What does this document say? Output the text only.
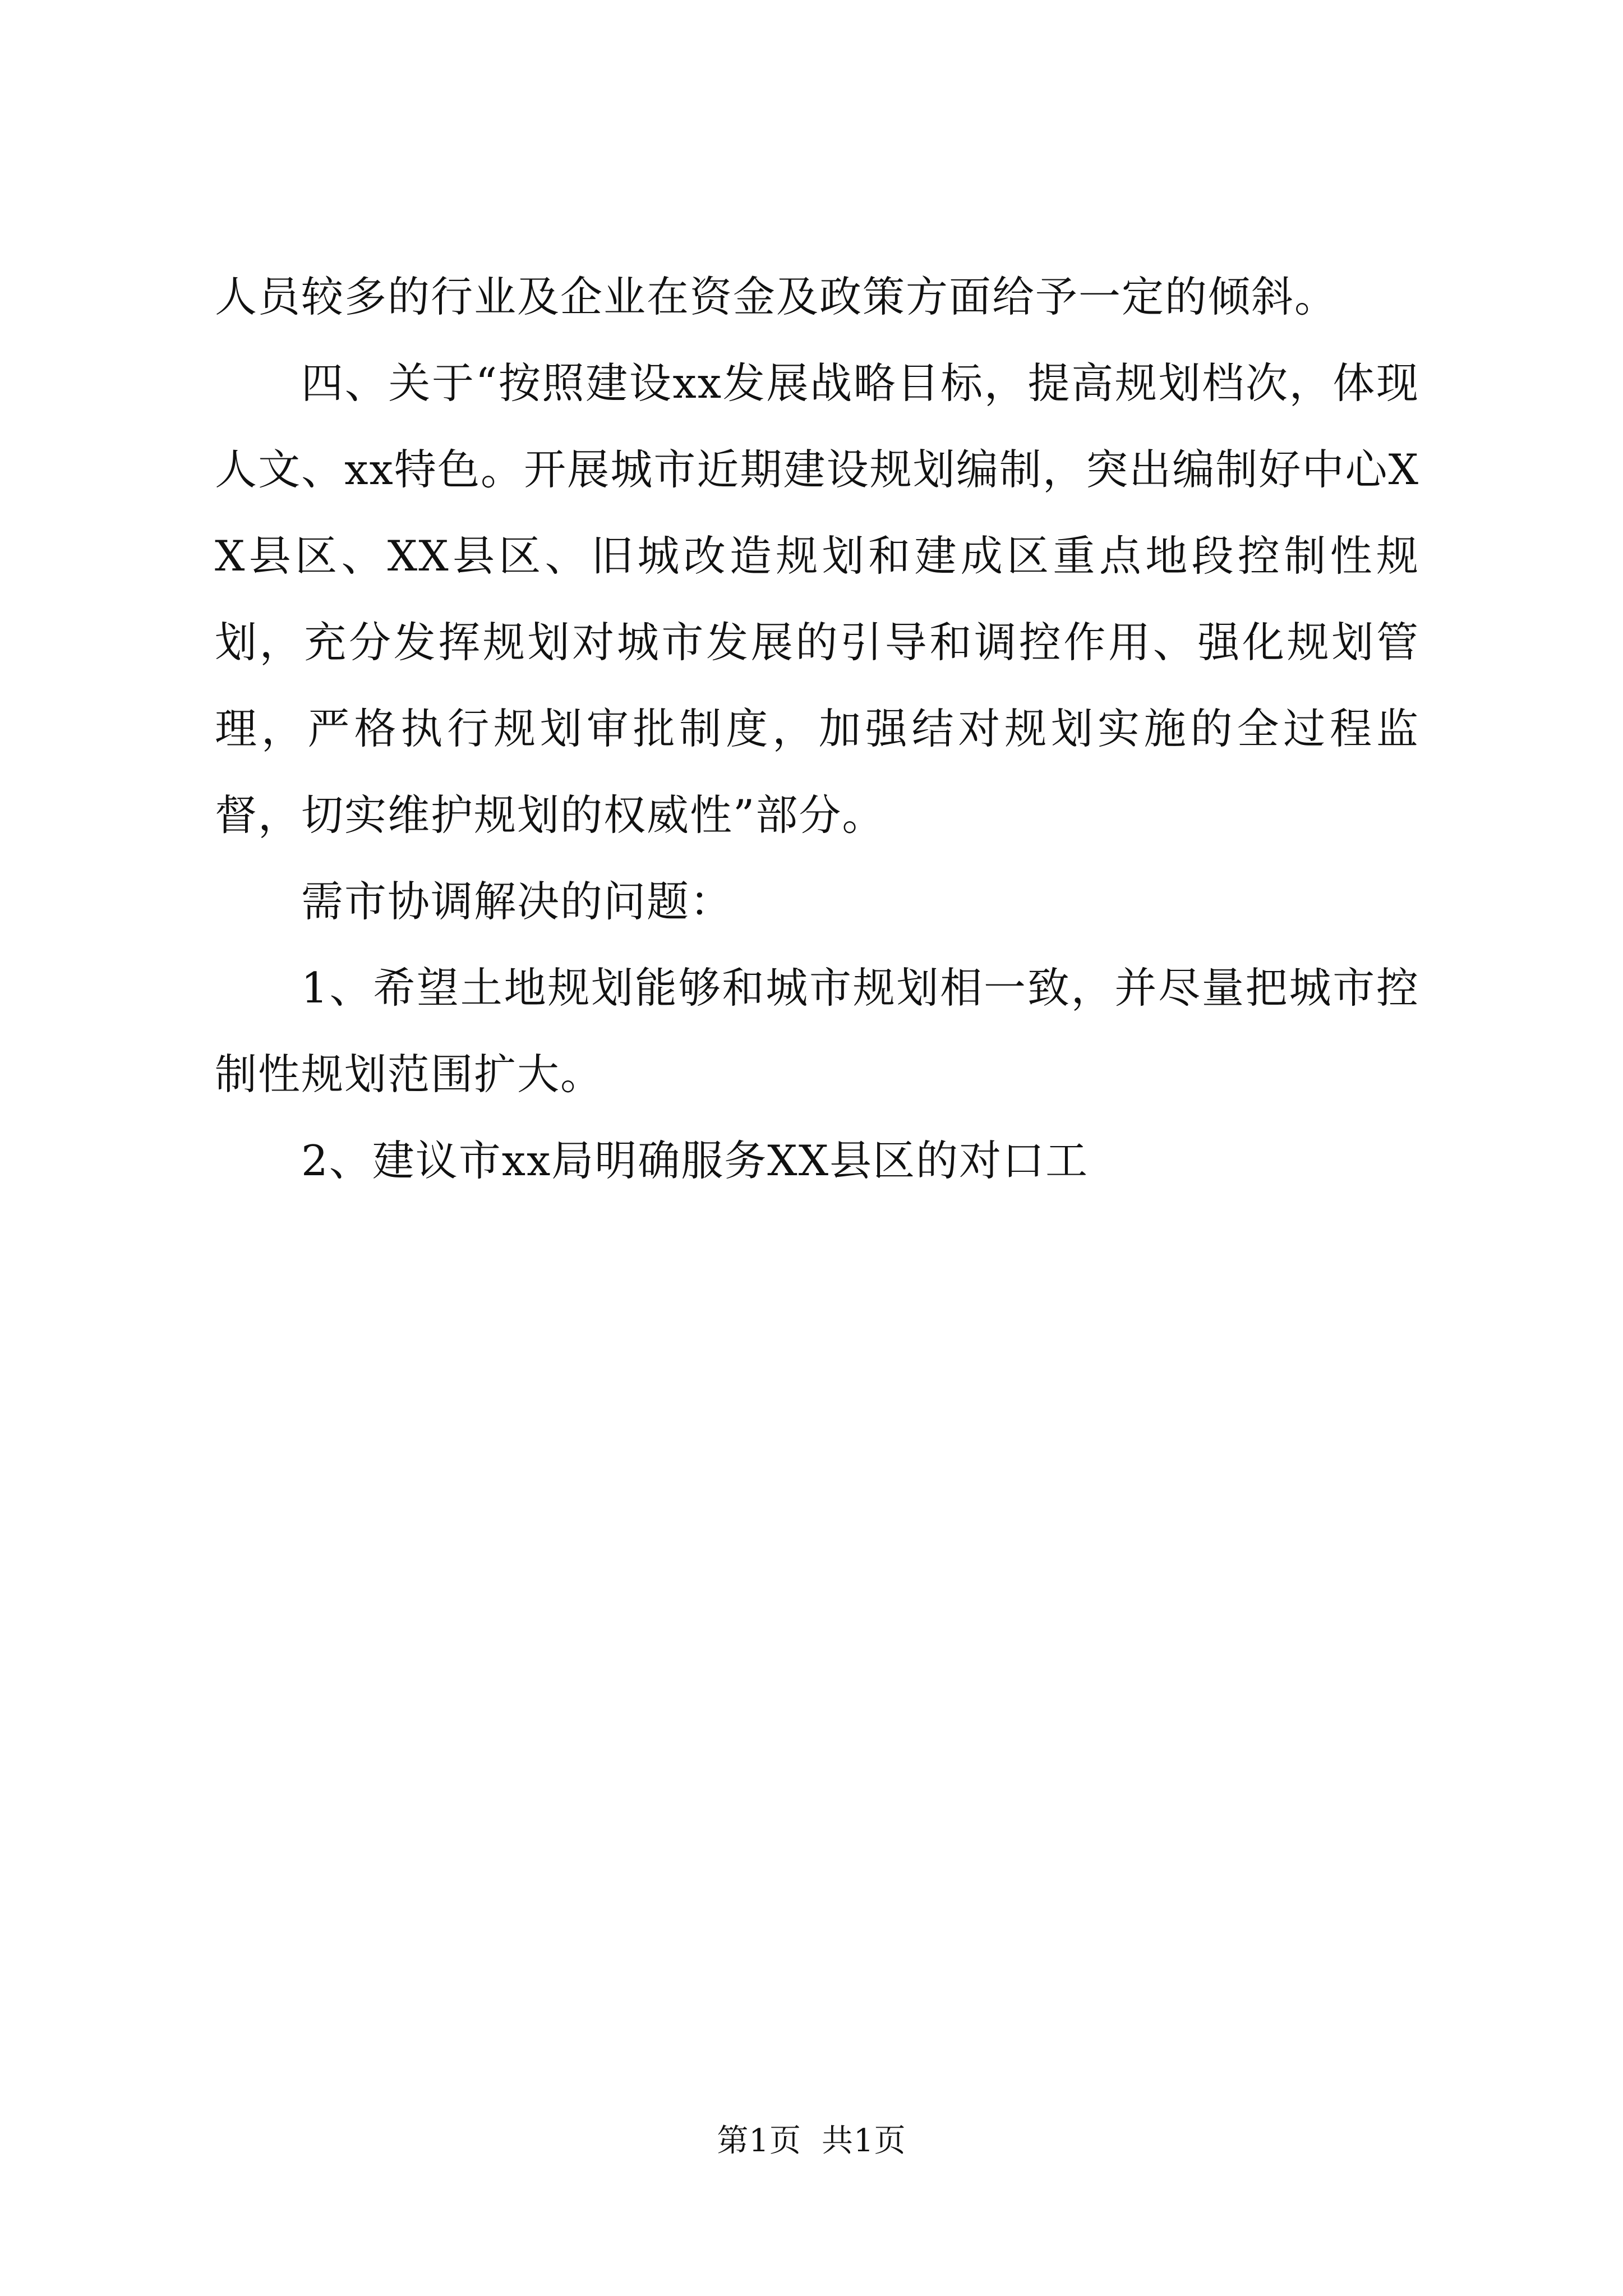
人员较多的行业及企业在资金及政策方面给予一定的倾斜。

四、关于“按照建设xx发展战略目标，提高规划档次，体现人文、xx特色。开展城市近期建设规划编制，突出编制好中心XX县区、XX县区、旧城改造规划和建成区重点地段控制性规划，充分发挥规划对城市发展的引导和调控作用、强化规划管理，严格执行规划审批制度，加强结对规划实施的全过程监督，切实维护规划的权威性”部分。

需市协调解决的问题：

1、希望土地规划能够和城市规划相一致，并尽量把城市控制性规划范围扩大。

2、建议市xx局明确服务XX县区的对口工

第1页 共1页
